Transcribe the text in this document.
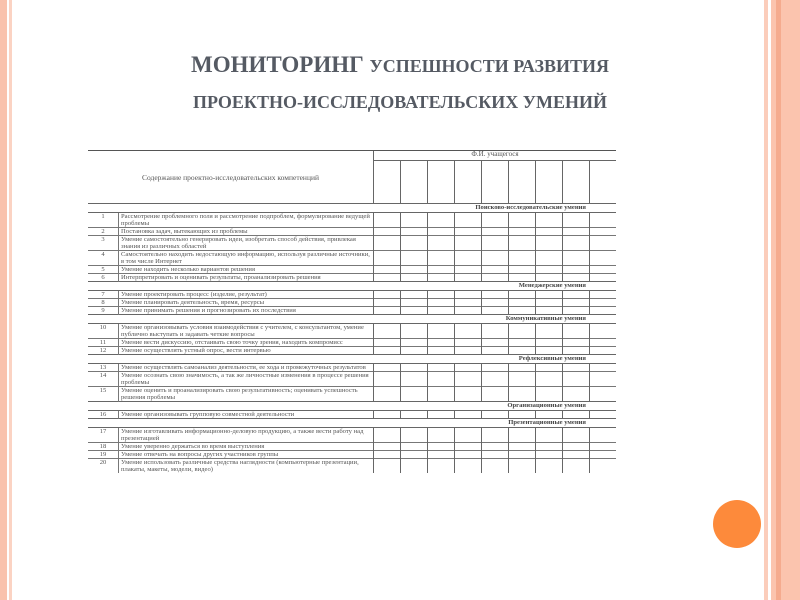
МОНИТОРИНГ УСПЕШНОСТИ РАЗВИТИЯ
ПРОЕКТНО-ИССЛЕДОВАТЕЛЬСКИХ УМЕНИЙ
Содержание проектно-исследовательских компетенций		Ф.И. учащегося								

Поисково-исследовательские умения										
1	Рассмотрение проблемного поля и рассмотрение подпроблем, формулирование ведущей проблемы									
2	Постановка задач, вытекающих из проблемы									
3	Умение самостоятельно генерировать идеи, изобретать способ действия, привлекая знания из различных областей									
4	Самостоятельно находить недостающую информацию, используя различные источники, в том числе Интернет									
5	Умение находить несколько вариантов решения									
6	Интерпретировать и оценивать результаты, проанализировать решения									
Менеджерские умения										
7	Умение проектировать процесс (изделие, результат)									
8	Умение планировать деятельность, время, ресурсы									
9	Умение принимать решения и прогнозировать их последствия									
Коммуникативные умения										
10	Умение организовывать условия взаимодействия с учителем, с консультантом, умение публично выступать и задавать четкие вопросы									
11	Умение вести дискуссию, отстаивать свою точку зрения, находить компромисс									
12	Умение осуществлять устный опрос, вести интервью									
Рефлексивные умения										
13	Умение осуществлять самоанализ деятельности, ее хода и промежуточных результатов									
14	Умение осознать свою значимость, а так же личностные изменения в процессе решения проблемы									
15	Умение оценить и проанализировать свою результативность; оценивать успешность решения проблемы									
Организационные умения										
16	Умение организовывать групповую совместной деятельности									
Презентационные умения										
17	Умение изготавливать информационно-деловую продукцию, а также вести работу над презентацией									
18	Умение уверенно держаться во время выступления									
19	Умение отвечать на вопросы других участников группы									
20	Умение использовать различные средства наглядности (компьютерные презентации, плакаты, макеты, модели, видео)									
